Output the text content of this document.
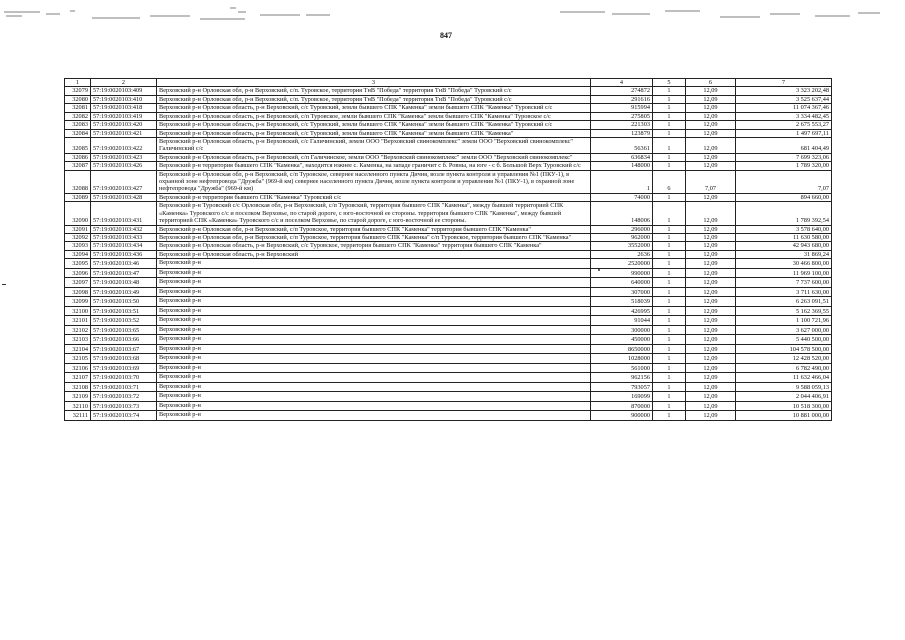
847
1	2	3	4	5	6	7
32079	57:19:0020103:409	Верховский р-н Орловская обл, р-н Верховский, с/п. Туровское, территория ТнВ "Победа" территория ТнВ "Победа" Туровский с/с	274872	1	12,09	3 323 202,48
32080	57:19:0020103:410	Верховский р-н Орловская обл, р-н Верховский, с/п. Туровское, территория ТнВ "Победа" территория ТнВ "Победа" Туровский с/с	291616	1	12,09	3 525 637,44
32081	57:19:0020103:418	Верховский р-н Орловская область, р-н Верховский, с/с Туровский, земли бывшего СПК "Каменка" земли бывшего СПК "Каменка" Туровский с/с	915994	1	12,09	11 074 367,46
32082	57:19:0020103:419	Верховский р-н Орловская область, р-н Верховский, с/п Туровское, земли бывшего СПК "Каменка" земли бывшего СПК "Каменка" Туровское с/с	275805	1	12,09	3 334 482,45
32083	57:19:0020103:420	Верховский р-н Орловская область, р-н Верховский, с/с Туровский, земли бывшего СПК "Каменка" земли бывшего СПК "Каменка" Туровский с/с	221303	1	12,09	2 675 553,27
32084	57:19:0020103:421	Верховский р-н Орловская область, р-н Верховский, с/с Туровский, земли бывшего СПК "Каменка" земли бывшего СПК "Каменка"	123879	1	12,09	1 497 697,11
32085	57:19:0020103:422	Верховский р-н Орловская область, р-н Верховский, с/с Галичинский, земли ООО "Верховский свинокомплекс" земли ООО "Верховский свинокомплекс" Галичинский с/с	56361	1	12,09	681 404,49
32086	57:19:0020103:423	Верховский р-н Орловская область, р-н Верховский, с/п Галичинское, земли ООО "Верховский свинокомплекс" земли ООО "Верховский свинокомплекс"	636834	1	12,09	7 699 323,06
32087	57:19:0020103:426	Верховский р-н территория бывшего СПК "Каменка", находится южнее с. Каменка, на западе граничит с б. Ровны, на юге - с б. Большой Верх Туровский с/с	148000	1	12,09	1 789 320,00
32088	57:19:0020103:427	Верховский р-н Орловская обл, р-н Верховский, с/п Туровское, севернее населенного пункта Дичня, возле пункта контроля и управления №1 (ПКУ-1), в охранной зоне нефтепровода "Дружба" (969-й км) севернее населенного пункта Дичня, возле пункта контроля и управления №1 (ПКУ-1), в охранной зоне нефтепровода "Дружба" (969-й км)	1	6	7,07	7,07
32089	57:19:0020103:428	Верховский р-н территория бывшего СПК "Каменка" Туровский с/с	74000	1	12,09	894 660,00
32090	57:19:0020103:431	Верховский р-н Туровский с/с Орловская обл, р-н Верховский, с/п Туровский, территория бывшего СПК "Каменка", между бывшей территорией СПК «Каменка» Туровского с/с и поселком Верховье, по старой дороге, с юго-восточной ее стороны. территория бывшего СПК "Каменка", между бывшей территорией СПК «Каменка» Туровского с/с и поселком Верховье, по старой дороге, с юго-восточной ее стороны.	148006	1	12,09	1 789 392,54
32091	57:19:0020103:432	Верховский р-н Орловская обл, р-н Верховский, с/п Туровское, территория бывшего СПК "Каменка" территория бывшего СПК "Каменка"	296000	1	12,09	3 578 640,00
32092	57:19:0020103:433	Верховский р-н Орловская обл, р-н Верховский, с/п Туровское, территория бывшего СПК "Каменка" с/п Туровское, территория бывшего СПК "Каменка"	962000	1	12,09	11 630 580,00
32093	57:19:0020103:434	Верховский р-н Орловская область, р-н Верховский, с/с Туровское, территория бывшего СПК "Каменка" территория бывшего СПК "Каменка"	3552000	1	12,09	42 943 680,00
32094	57:19:0020103:436	Верховский р-н Орловская область, р-н Верховский	2636	1	12,09	31 869,24
32095	57:19:0020103:46	Верховский р-н	2520000	1	12,09	30 466 800,00
32096	57:19:0020103:47	Верховский р-н	990000	1	12,09	11 969 100,00
32097	57:19:0020103:48	Верховский р-н	640000	1	12,09	7 737 600,00
32098	57:19:0020103:49	Верховский р-н	307000	1	12,09	3 711 630,00
32099	57:19:0020103:50	Верховский р-н	518039	1	12,09	6 263 091,51
32100	57:19:0020103:51	Верховский р-н	426995	1	12,09	5 162 369,55
32101	57:19:0020103:52	Верховский р-н	91044	1	12,09	1 100 721,96
32102	57:19:0020103:65	Верховский р-н	300000	1	12,09	3 627 000,00
32103	57:19:0020103:66	Верховский р-н	450000	1	12,09	5 440 500,00
32104	57:19:0020103:67	Верховский р-н	8650000	1	12,09	104 578 500,00
32105	57:19:0020103:68	Верховский р-н	1028000	1	12,09	12 428 520,00
32106	57:19:0020103:69	Верховский р-н	561000	1	12,09	6 782 490,00
32107	57:19:0020103:70	Верховский р-н	962156	1	12,09	11 632 466,04
32108	57:19:0020103:71	Верховский р-н	793057	1	12,09	9 588 059,13
32109	57:19:0020103:72	Верховский р-н	169099	1	12,09	2 044 406,91
32110	57:19:0020103:73	Верховский р-н	870000	1	12,09	10 518 300,00
32111	57:19:0020103:74	Верховский р-н	900000	1	12,09	10 881 000,00
